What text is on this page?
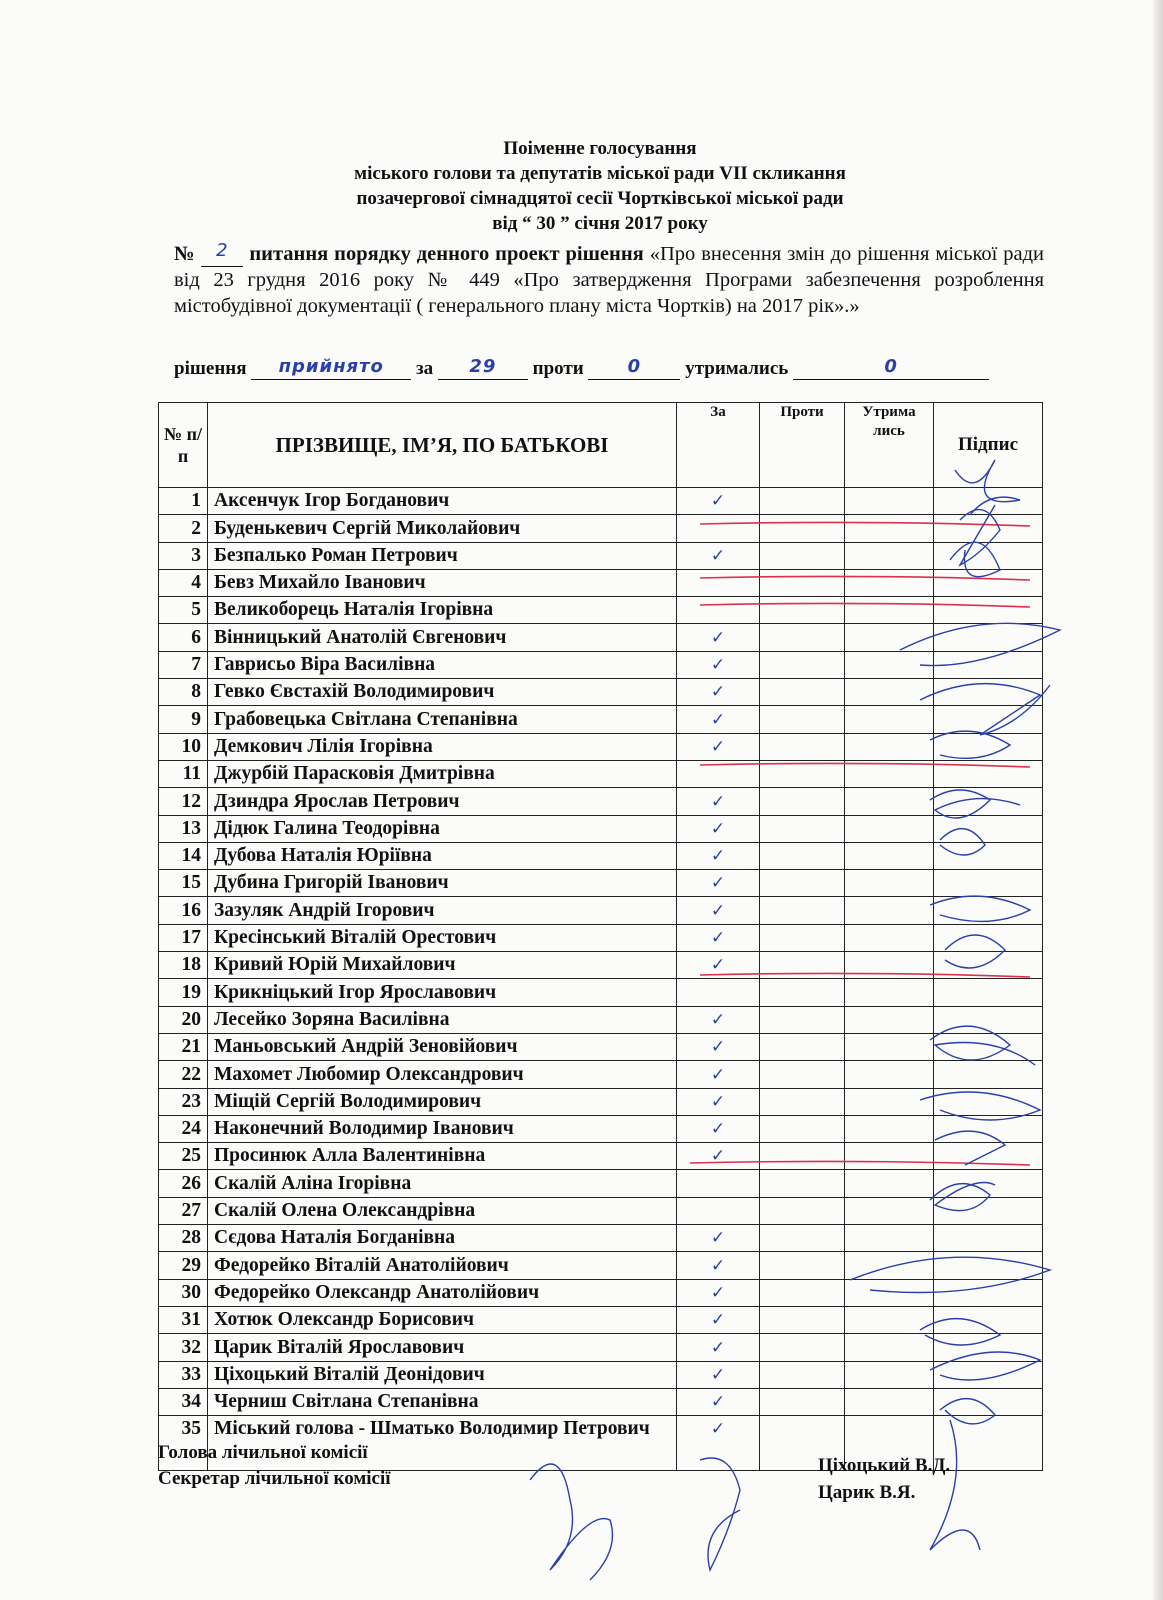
Поіменне голосування
міського голови та депутатів міської ради VII скликання
позачергової сімнадцятої сесії Чортківської міської ради
від “ 30 ” січня 2017 року
№	2	питання порядку денного проект рішення «Про внесення змін до рішення міської ради від 23 грудня 2016 року № 449 «Про затвердження Програми забезпечення розроблення містобудівної документації ( генерального плану міста Чортків) на 2017 рік».»
рішення	прийнято	за	29	проти	0	утримались	0
№ п/п	ПРІЗВИЩЕ, ІМ’Я, ПО БАТЬКОВІ	За	Проти	Утрима лись	Підпис
1	Аксенчук Ігор Богданович	✓			
2	Буденькевич Сергій Миколайович				
3	Безпалько Роман Петрович	✓			
4	Бевз Михайло Іванович				
5	Великоборець Наталія Ігорівна				
6	Вінницький Анатолій Євгенович	✓			
7	Гаврисьо Віра Василівна	✓			
8	Гевко Євстахій Володимирович	✓			
9	Грабовецька Світлана Степанівна	✓			
10	Демкович Лілія Ігорівна	✓			
11	Джурбій Парасковія Дмитрівна				
12	Дзиндра Ярослав Петрович	✓			
13	Дідюк Галина Теодорівна	✓			
14	Дубова Наталія Юріївна	✓			
15	Дубина Григорій Іванович	✓			
16	Зазуляк Андрій Ігорович	✓			
17	Кресінський Віталій Орестович	✓			
18	Кривий Юрій Михайлович	✓			
19	Крикніцький Ігор Ярославович				
20	Лесейко Зоряна Василівна	✓			
21	Маньовський Андрій Зеновійович	✓			
22	Махомет Любомир Олександрович	✓			
23	Міщій Сергій Володимирович	✓			
24	Наконечний Володимир Іванович	✓			
25	Просинюк Алла Валентинівна	✓			
26	Скалій Аліна Ігорівна				
27	Скалій Олена Олександрівна				
28	Сєдова Наталія Богданівна	✓			
29	Федорейко Віталій Анатолійович	✓			
30	Федорейко Олександр Анатолійович	✓			
31	Хотюк Олександр Борисович	✓			
32	Царик Віталій Ярославович	✓			
33	Ціхоцький Віталій Деонідович	✓			
34	Черниш Світлана Степанівна	✓			
35	Міський голова - Шматько Володимир Петрович	✓			
Голова лічильної комісії
Секретар лічильної комісії
Ціхоцький В.Д.
Царик В.Я.
